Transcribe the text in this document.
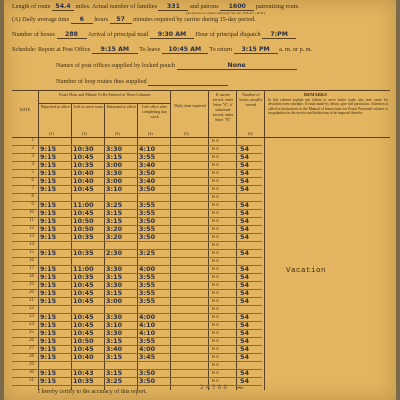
Length of route 54.4 miles. Actual number of families 331 and patrons 1600 patronizing route.
(As shown on carrier's directory. See Sec. 618, P. L. & R.)
(A) Daily average time 6 hours 57 minutes required by carrier during 15-day period.
Number of boxes 288 Arrival of principal mail 9:30 AM Hour of principal dispatch 7:PM
Schedule: Report at Post Office 9:15 AM To leave 10:45 AM To return 3:15 PM a. m. or p. m.
Names of post offices supplied by locked pouch	None
Number of loop routes thus supplied
DATE
Exact Hour and Minute To Be Entered in These Columns
Reported at office Left to serve route Returned to office	Left office after completing day work
Daily time required
If carrier served, enter letter "S"; if substitute served, enter letter "R"
Number of boxes actually served
(1)	(2)	(3)	(4)	(5)	(6)
REMARKS
In this column explain any failure to serve entire route; also note cause for deviation from schedule. If route made by detour, give full particulars. Attention is called to instructions in the Manual of Instructions for Postal Personnel relative to irregularities in the service and deductions to be imposed therefor.
1	R S
2 9:15	10:30	3:30	4:10	R S	54
3 9:15	10:45	3:15	3:55	R S	54
4 9:15	10:35	3:00	3:40	R S	54
5 9:15	10:40	3:30	3:50	R S	54
6 9:15	10:40	3:00	3:40	R S	54
7 9:15	10:45	3:10	3:50	R S	54
8	R S
9 9:15	11:00	3:25	3:55	R S	54
10 9:15	10:45	3:15	3:55	R S	54
11 9:15	10:50	3:15	3:50	R S	54
12 9:15	10:50	3:20	3:55	R S	54
13 9:15	10:35	3:20	3:50	R S	54
14	R S
15 9:15	10:35	2:30	3:25	R S	54
16	R S
17 9:15	11:00	3:30	4:00	R S	54
18 9:15	10:35	3:15	3:55	R S	54
19 9:15	10:45	3:30	3:55	R S	54
20 9:15	10:45	3:15	3:55	R S	54
21 9:15	10:45	3:00	3:55	R S	54
22	R S
23 9:15	10:45	3:30	4:00	R S	54
24 9:15	10:45	3:10	4:10	R S	54
25 9:15	10:45	3:30	4:10	R S	54
26 9:15	10:50	3:15	3:55	R S	54
27 9:15	10:45	3:40	4:00	R S	54
28 9:15	10:40	3:15	3:45	R S	54
29	R S
30 9:15	10:43	3:15	3:50	R S	54
31 9:15	10:35	3:25	3:50	R S	54
Vacation
I hereby certify to the accuracy of this report.
2 A 3 8 8 ~
